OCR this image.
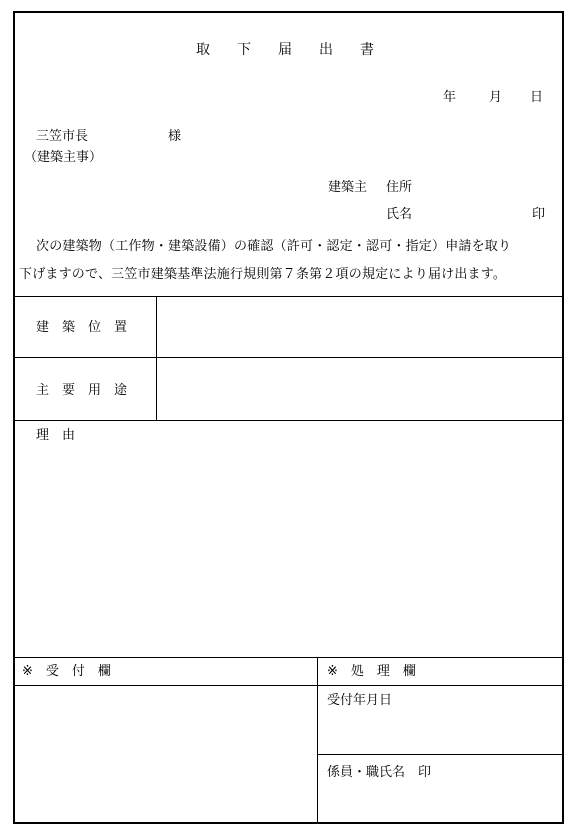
取下届出書
年	月 日
三笠市長	様
（建築主事）
建築主 住所
氏名	印
次の建築物（工作物・建築設備）の確認（許可・認定・認可・指定）申請を取り
下げますので、三笠市建築基準法施行規則第７条第２項の規定により届け出ます。
建築位置
主要用途
理由
※受付欄	※処理欄
受付年月日
係員・職氏名　印
